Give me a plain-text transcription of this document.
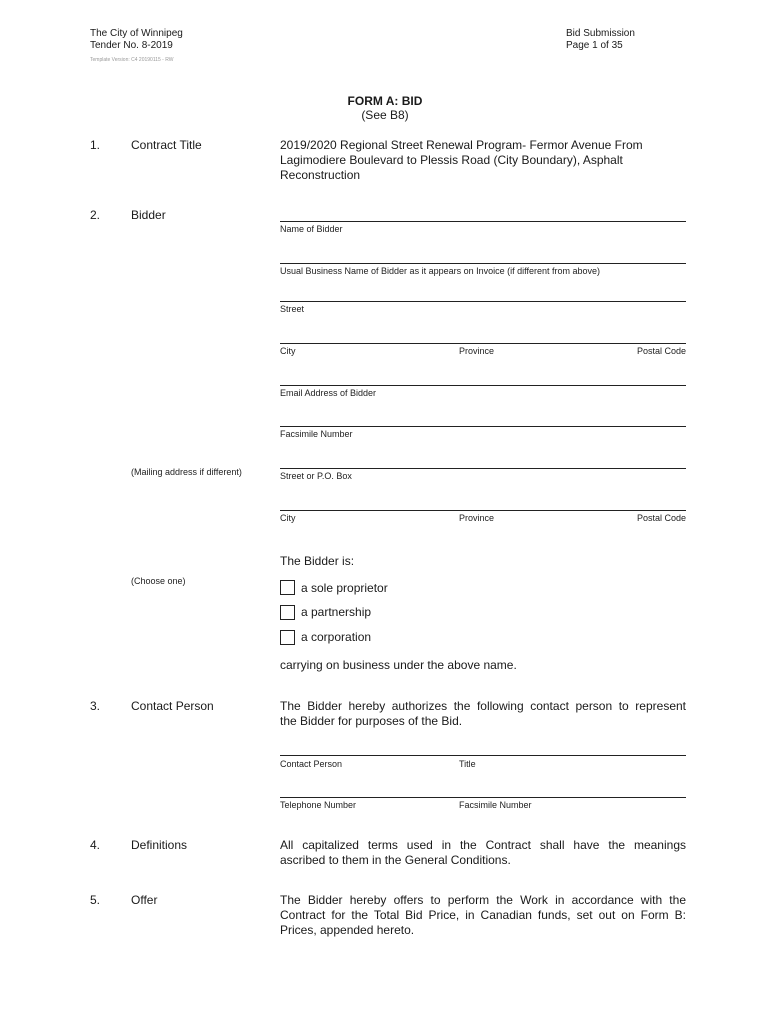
The City of Winnipeg
Tender No. 8-2019
Template Version: C4 20190115 - RW
Bid Submission
Page 1 of 35
FORM A: BID
(See B8)
1.	Contract Title	2019/2020 Regional Street Renewal Program- Fermor Avenue From
Lagimodiere Boulevard to Plessis Road (City Boundary), Asphalt
Reconstruction
2.	Bidder
Name of Bidder
Usual Business Name of Bidder as it appears on Invoice (if different from above)
Street
City	Province	Postal Code
Email Address of Bidder
Facsimile Number
(Mailing address if different)	Street or P.O. Box
City	Province	Postal Code
The Bidder is:
(Choose one)	a sole proprietor
a partnership
a corporation
carrying on business under the above name.
3.	Contact Person	The Bidder hereby authorizes the following contact person to represent
the Bidder for purposes of the Bid.
Contact Person	Title
Telephone Number	Facsimile Number
4.	Definitions	All capitalized terms used in the Contract shall have the meanings
ascribed to them in the General Conditions.
5.	Offer	The Bidder hereby offers to perform the Work in accordance with the
Contract for the Total Bid Price, in Canadian funds, set out on Form B:
Prices, appended hereto.
